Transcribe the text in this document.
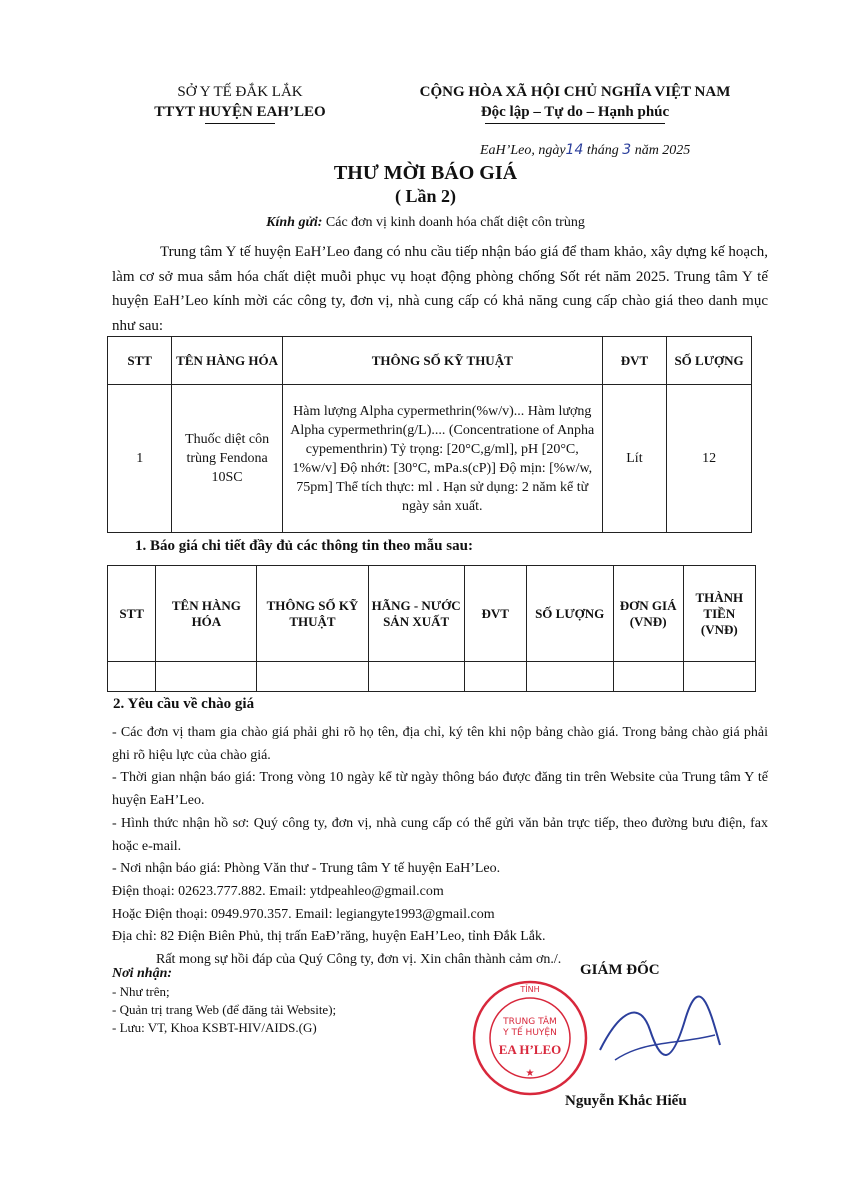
SỞ Y TẾ ĐẮK LẮK
TTYT HUYỆN EAH’LEO
CỘNG HÒA XÃ HỘI CHỦ NGHĨA VIỆT NAM
Độc lập – Tự do – Hạnh phúc
EaH’Leo, ngày14 tháng 3 năm 2025
THƯ MỜI BÁO GIÁ
( Lần 2)
Kính gửi: Các đơn vị kinh doanh hóa chất diệt côn trùng

Trung tâm Y tế huyện EaH’Leo đang có nhu cầu tiếp nhận báo giá để tham khảo, xây dựng kế hoạch, làm cơ sở mua sắm hóa chất diệt muỗi phục vụ hoạt động phòng chống Sốt rét năm 2025. Trung tâm Y tế huyện EaH’Leo kính mời các công ty, đơn vị, nhà cung cấp có khả năng cung cấp chào giá theo danh mục như sau:

STT	TÊN HÀNG HÓA	THÔNG SỐ KỸ THUẬT	ĐVT	SỐ LƯỢNG
1	Thuốc diệt côn trùng Fendona 10SC	Hàm lượng Alpha cypermethrin(%w/v)... Hàm lượng Alpha cypermethrin(g/L).... (Concentratione of Anpha cypementhrin) Tỷ trọng: [20°C,g/ml], pH [20°C, 1%w/v] Độ nhớt: [30°C, mPa.s(cP)] Độ mịn: [%w/w, 75pm] Thể tích thực: ml . Hạn sử dụng: 2 năm kể từ ngày sản xuất.	Lít	12
1. Báo giá chi tiết đầy đủ các thông tin theo mẫu sau:
STT	TÊN HÀNG HÓA	THÔNG SỐ KỸ THUẬT	HÃNG - NƯỚC SẢN XUẤT	ĐVT	SỐ LƯỢNG	ĐƠN GIÁ (VNĐ)	THÀNH TIỀN (VNĐ)

2. Yêu cầu về chào giá
- Các đơn vị tham gia chào giá phải ghi rõ họ tên, địa chỉ, ký tên khi nộp bảng chào giá. Trong bảng chào giá phải ghi rõ hiệu lực của chào giá.
- Thời gian nhận báo giá: Trong vòng 10 ngày kể từ ngày thông báo được đăng tin trên Website của Trung tâm Y tế huyện EaH’Leo.
- Hình thức nhận hồ sơ: Quý công ty, đơn vị, nhà cung cấp có thể gửi văn bản trực tiếp, theo đường bưu điện, fax hoặc e-mail.
- Nơi nhận báo giá: Phòng Văn thư - Trung tâm Y tế huyện EaH’Leo.
Điện thoại: 02623.777.882. Email: ytdpeahleo@gmail.com
Hoặc Điện thoại: 0949.970.357. Email: legiangyte1993@gmail.com
Địa chỉ: 82 Điện Biên Phủ, thị trấn EaĐ’răng, huyện EaH’Leo, tỉnh Đắk Lắk.
Rất mong sự hồi đáp của Quý Công ty, đơn vị. Xin chân thành cảm ơn./.
Nơi nhận:
- Như trên;
- Quản trị trang Web (để đăng tải Website);
- Lưu: VT, Khoa KSBT-HIV/AIDS.(G)
GIÁM ĐỐC
TỈNH
TRUNG TÂM
Y TẾ HUYỆN
EA H’LEO
★
Nguyễn Khắc Hiếu
